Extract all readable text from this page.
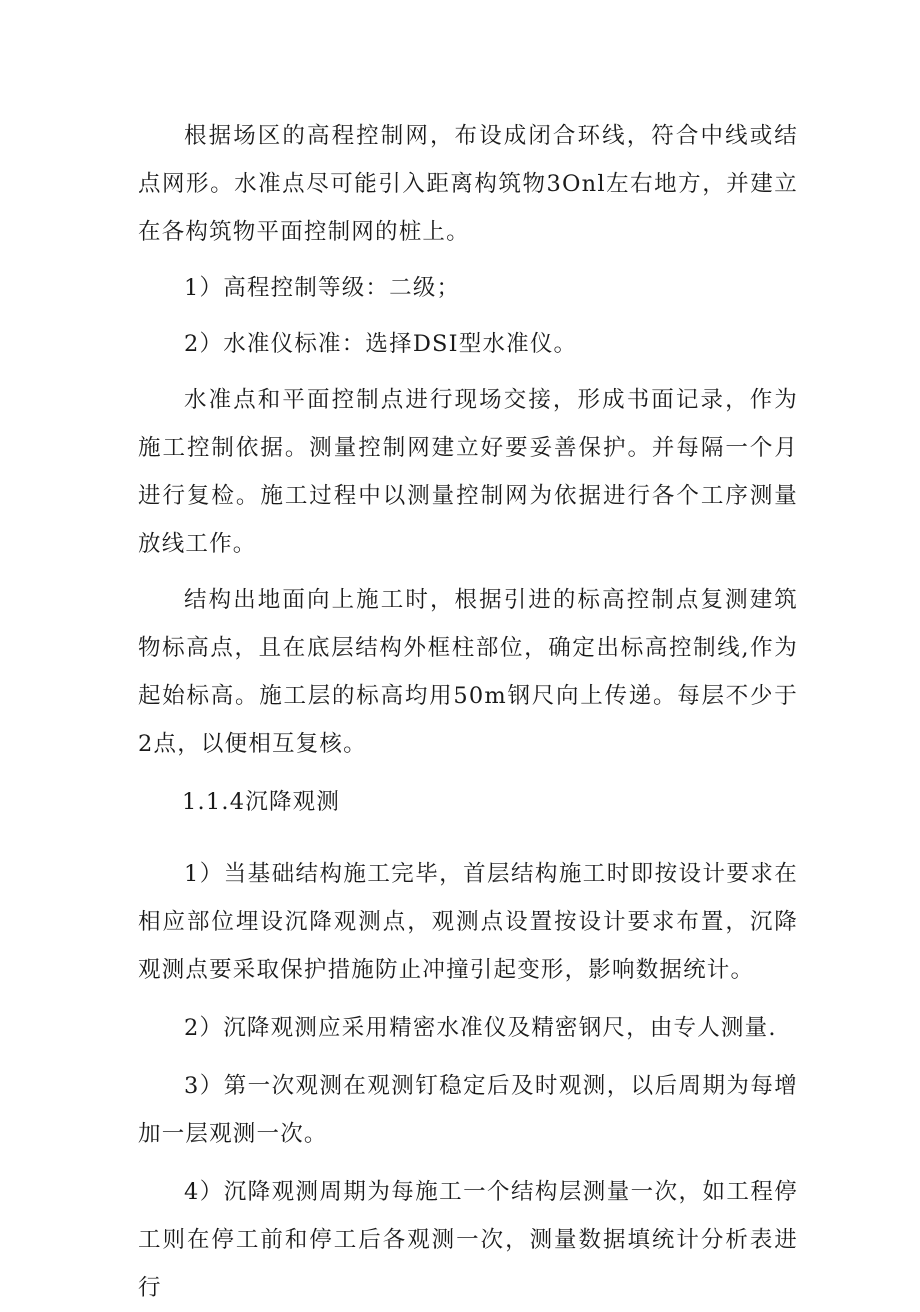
根据场区的高程控制网，布设成闭合环线，符合中线或结点网形。水准点尽可能引入距离构筑物3Onl左右地方，并建立在各构筑物平面控制网的桩上。

1）高程控制等级：二级；

2）水准仪标准：选择DSI型水准仪。

水准点和平面控制点进行现场交接，形成书面记录，作为施工控制依据。测量控制网建立好要妥善保护。并每隔一个月进行复检。施工过程中以测量控制网为依据进行各个工序测量放线工作。

结构出地面向上施工时，根据引进的标高控制点复测建筑物标高点，且在底层结构外框柱部位，确定出标高控制线,作为起始标高。施工层的标高均用50m钢尺向上传递。每层不少于2点，以便相互复核。

1.1.4沉降观测

1）当基础结构施工完毕，首层结构施工时即按设计要求在相应部位埋设沉降观测点，观测点设置按设计要求布置，沉降观测点要采取保护措施防止冲撞引起变形，影响数据统计。

2）沉降观测应采用精密水准仪及精密钢尺，由专人测量.

3）第一次观测在观测钉稳定后及时观测，以后周期为每增加一层观测一次。

4）沉降观测周期为每施工一个结构层测量一次，如工程停工则在停工前和停工后各观测一次，测量数据填统计分析表进行
